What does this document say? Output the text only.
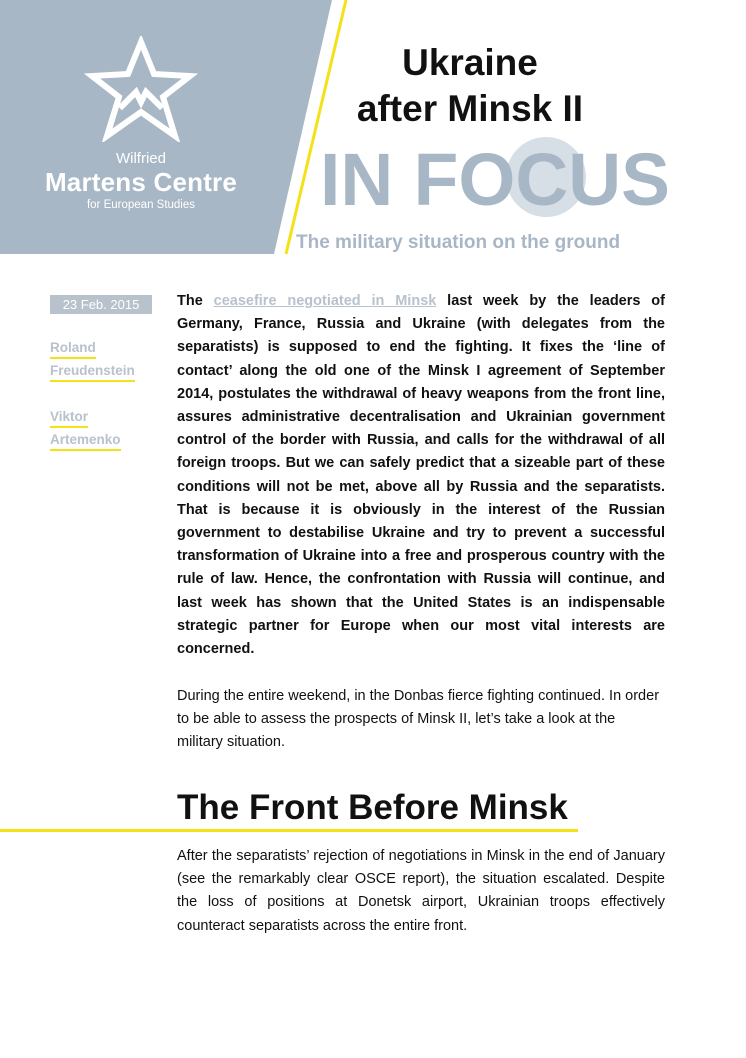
Wilfried
Martens Centre
for European Studies
Ukraine
after Minsk II
IN FOCUS
The military situation on the ground
23 Feb. 2015
Roland
Freudenstein
Viktor
Artemenko
The ceasefire negotiated in Minsk last week by the leaders of Germany, France, Russia and Ukraine (with delegates from the separatists) is supposed to end the fighting. It fixes the ‘line of contact’ along the old one of the Minsk I agreement of September 2014, postulates the withdrawal of heavy weapons from the front line, assures administrative decentralisation and Ukrainian government control of the border with Russia, and calls for the withdrawal of all foreign troops. But we can safely predict that a sizeable part of these conditions will not be met, above all by Russia and the separatists. That is because it is obviously in the interest of the Russian government to destabilise Ukraine and try to prevent a successful transformation of Ukraine into a free and prosperous country with the rule of law. Hence, the confrontation with Russia will continue, and last week has shown that the United States is an indispensable strategic partner for Europe when our most vital interests are concerned.
During the entire weekend, in the Donbas fierce fighting continued. In order to be able to assess the prospects of Minsk II, let’s take a look at the military situation.
The Front Before Minsk
After the separatists’ rejection of negotiations in Minsk in the end of January (see the remarkably clear OSCE report), the situation escalated. Despite the loss of positions at Donetsk airport, Ukrainian troops effectively counteract separatists across the entire front.
